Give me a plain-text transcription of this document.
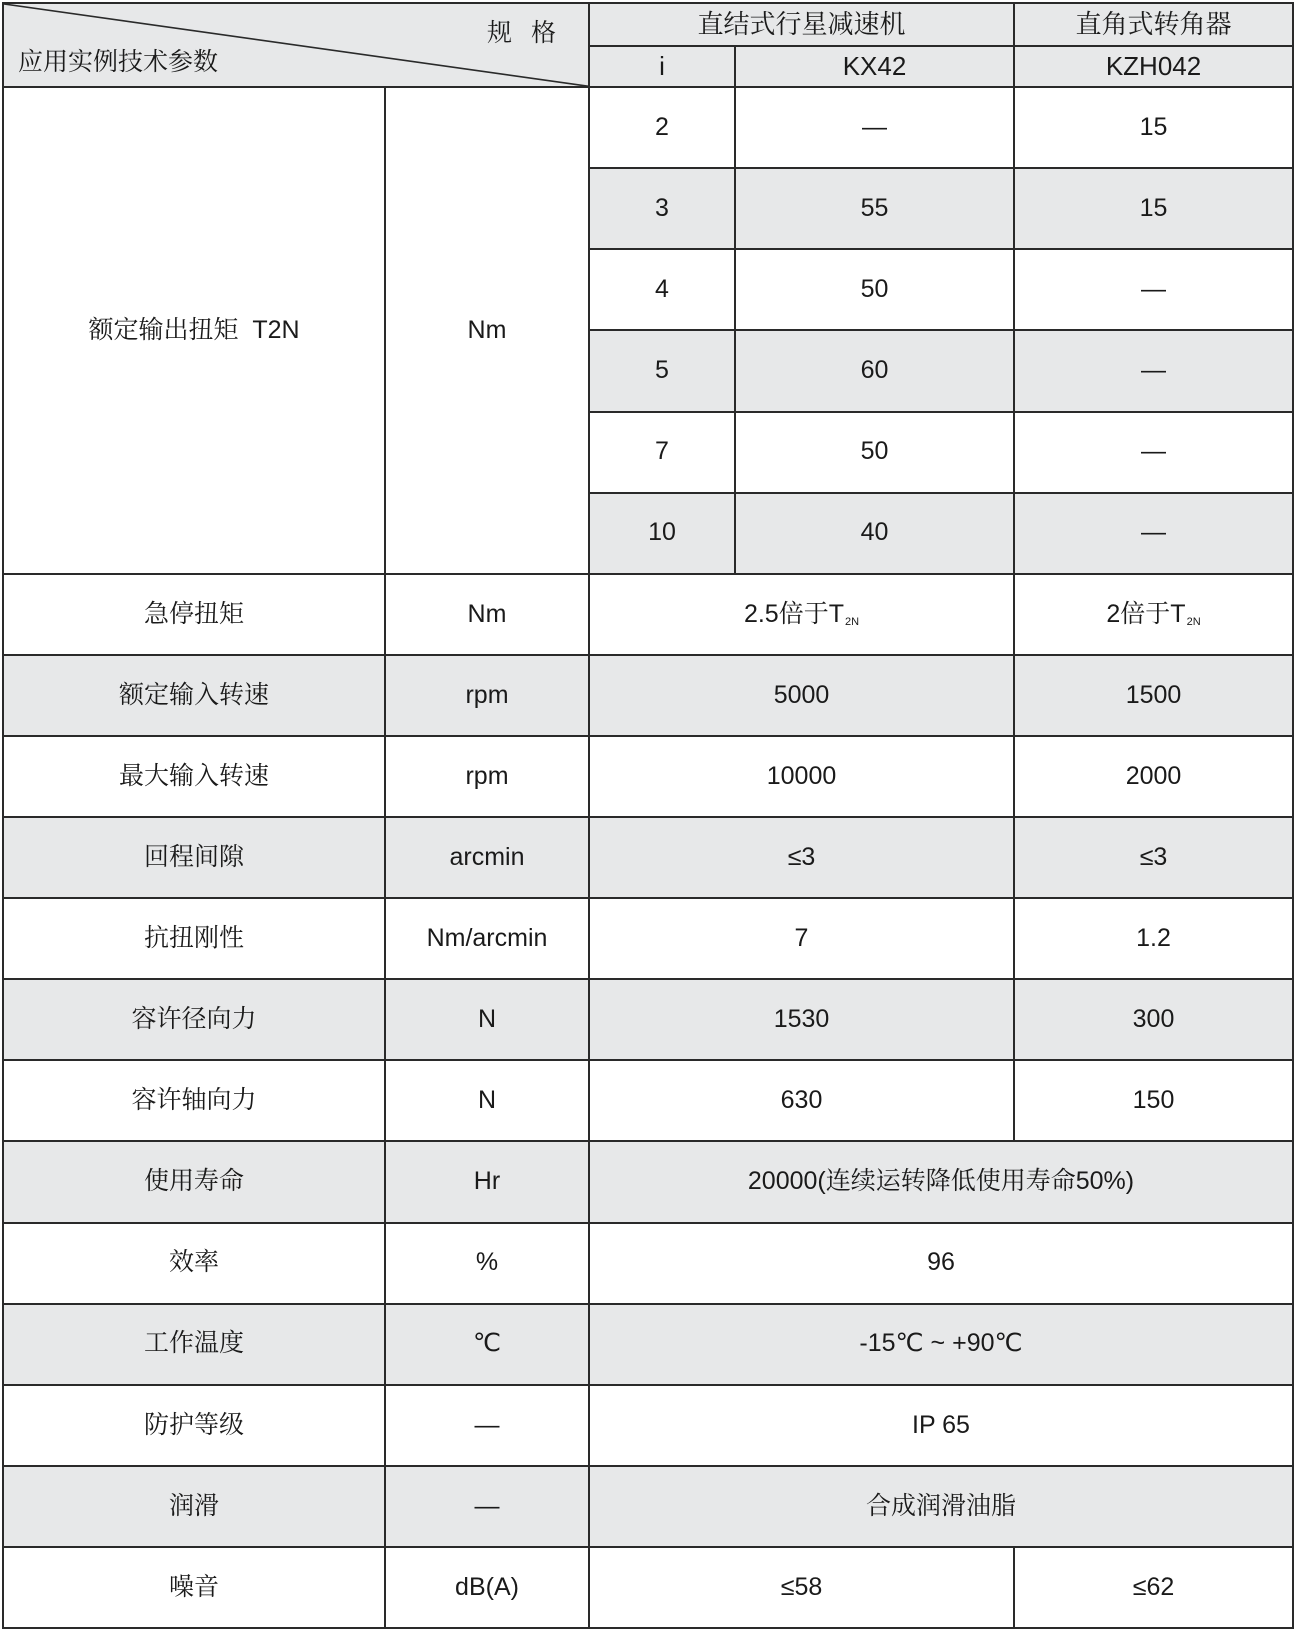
规 格
应用实例技术参数		直结式行星减速机		直角式转角器
		i	KX42	KZH042
额定输出扭矩  T2N	Nm	2	—	15
		3	55	15
		4	50	—
		5	60	—
		7	50	—
		10	40	—
急停扭矩	Nm	2.5倍于$T_{2N}$		2倍于$T_{2N}$
额定输入转速	rpm	5000		1500
最大输入转速	rpm	10000		2000
回程间隙	arcmin	≤3		≤3
抗扭刚性	Nm/arcmin	7		1.2
容许径向力	N	1530		300
容许轴向力	N	630		150
使用寿命	Hr	20000(连续运转降低使用寿命50%)		
效率	%	96		
工作温度	℃	-15℃ ~ +90℃		
防护等级	—	IP 65		
润滑	—	合成润滑油脂		
噪音	dB(A)	≤58		≤62
